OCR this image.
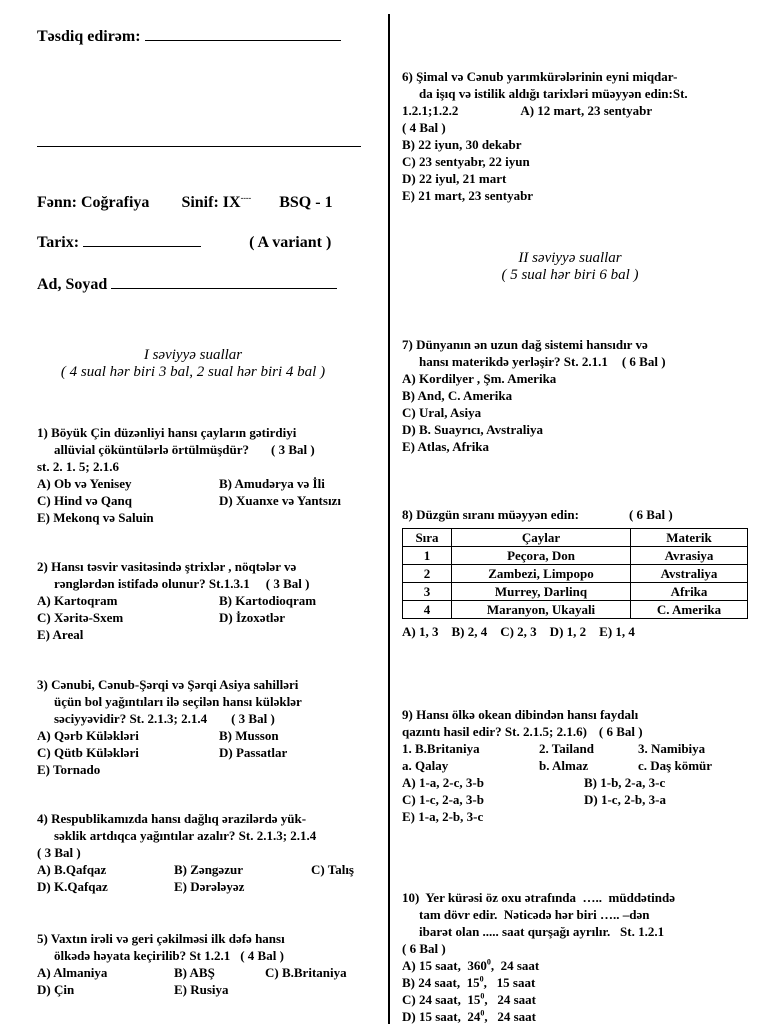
Təsdiq edirəm:
Fənn: Coğrafiya Sinif: IX---- BSQ - 1
Tarix:	( A variant )
Ad, Soyad
I səviyyə suallar
( 4 sual hər biri 3 bal, 2 sual hər biri 4 bal )

1) Böyük Çin düzənliyi hansı çayların gətirdiyi

allüvial çöküntülərlə örtülmüşdür? ( 3 Bal )

st. 2. 1. 5; 2.1.6

A) Ob və Yenisey	B) Amudərya və İli

C) Hind və Qanq	D) Xuanxe və Yantsızı

E) Mekonq və Saluin

2) Hansı təsvir vasitəsində ştrixlər , nöqtələr və

rənglərdən istifadə olunur? St.1.3.1 ( 3 Bal )

A) Kartoqram	B) Kartodioqram

C) Xəritə-Sxem	D) İzoxətlər

E) Areal

3) Cənubi, Cənub-Şərqi və Şərqi Asiya sahilləri

üçün bol yağıntıları ilə seçilən hansı küləklər

səciyyəvidir? St. 2.1.3; 2.1.4 ( 3 Bal )

A) Qərb Küləkləri	B) Musson

C) Qütb Küləkləri	D) Passatlar

E) Tornado

4) Respublikamızda hansı dağlıq ərazilərdə yük-

səklik artdıqca yağıntılar azalır? St. 2.1.3; 2.1.4

( 3 Bal )

A) B.Qafqaz	B) Zəngəzur	C) Talış

D) K.Qafqaz	E) Dərələyəz

5) Vaxtın irəli və geri çəkilməsi ilk dəfə hansı

ölkədə həyata keçirilib? St 1.2.1 ( 4 Bal )

A) Almaniya	B) ABŞ	C) B.Britaniya

D) Çin	E) Rusiya

6) Şimal və Cənub yarımkürələrinin eyni miqdar-

da işıq və istilik aldığı tarixləri müəyyən edin:St.

1.2.1;1.2.2	A) 12 mart, 23 sentyabr

( 4 Bal )

B) 22 iyun, 30 dekabr

C) 23 sentyabr, 22 iyun

D) 22 iyul, 21 mart

E) 21 mart, 23 sentyabr

II səviyyə suallar
( 5 sual hər biri 6 bal )

7) Dünyanın ən uzun dağ sistemi hansıdır və

hansı materikdə yerləşir? St. 2.1.1 ( 6 Bal )

A) Kordilyer , Şm. Amerika

B) And, C. Amerika

C) Ural, Asiya

D) B. Suayrıcı, Avstraliya

E) Atlas, Afrika

8) Düzgün sıranı müəyyən edin:	( 6 Bal )

Sıra	Çaylar	Materik
1	Peçora, Don	Avrasiya
2	Zambezi, Limpopo	Avstraliya
3	Murrey, Darlinq	Afrika
4	Maranyon, Ukayali	C. Amerika

A) 1, 3    B) 2, 4    C) 2, 3    D) 1, 2    E) 1, 4

9) Hansı ölkə okean dibindən hansı faydalı

qazıntı hasil edir? St. 2.1.5; 2.1.6) ( 6 Bal )

1. B.Britaniya	2. Tailand	3. Namibiya

a. Qalay	b. Almaz	c. Daş kömür

A) 1-a, 2-c, 3-b	B) 1-b, 2-a, 3-c

C) 1-c, 2-a, 3-b	D) 1-c, 2-b, 3-a

E) 1-a, 2-b, 3-c

10)  Yer kürəsi öz oxu ətrafında  …..  müddətində

tam dövr edir.  Nəticədə hər biri ….. –dən

ibarət olan ..... saat qurşağı ayrılır.   St. 1.2.1

( 6 Bal )

A) 15 saat,  $360^0$,  24 saat

B) 24 saat,  $15^0$,   15 saat

C) 24 saat,  $15^0$,   24 saat

D) 15 saat,  $24^0$,   24 saat
